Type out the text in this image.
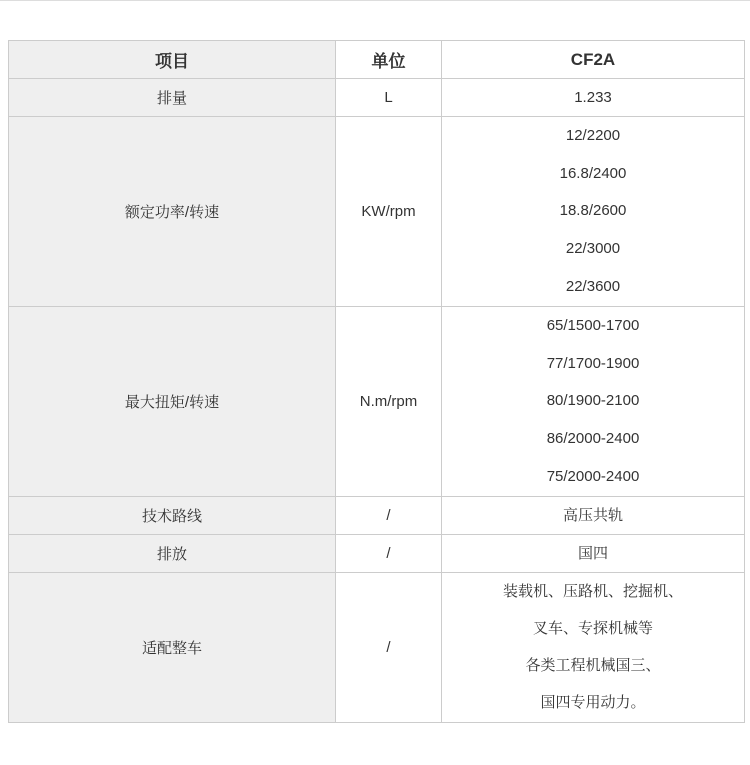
项目	单位	CF2A
排量	L	1.233

额定功率/转速	KW/rpm	12/2200
16.8/2400
18.8/2600
22/3000
22/3600

最大扭矩/转速	N.m/rpm	65/1500-1700
77/1700-1900
80/1900-2100
86/2000-2400
75/2000-2400

技术路线	/	高压共轨

排放	/	国四

适配整车	/	装载机、压路机、挖掘机、
叉车、专探机械等
各类工程机械国三、
国四专用动力。
